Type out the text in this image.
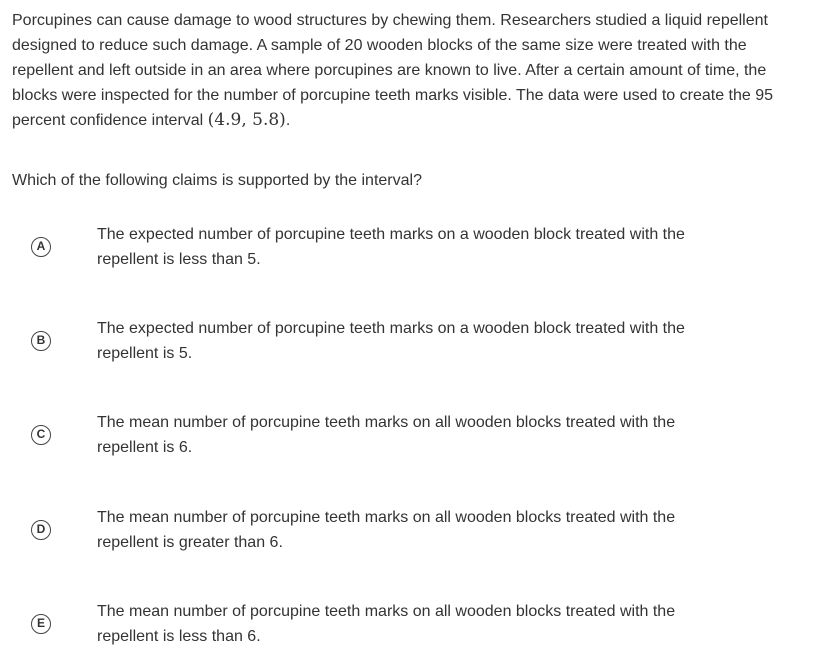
Porcupines can cause damage to wood structures by chewing them. Researchers studied a liquid repellent designed to reduce such damage. A sample of 20 wooden blocks of the same size were treated with the repellent and left outside in an area where porcupines are known to live. After a certain amount of time, the blocks were inspected for the number of porcupine teeth marks visible. The data were used to create the 95 percent confidence interval (4.9, 5.8).

Which of the following claims is supported by the interval?

A
The expected number of porcupine teeth marks on a wooden block treated with the repellent is less than 5.
B
The expected number of porcupine teeth marks on a wooden block treated with the repellent is 5.
C
The mean number of porcupine teeth marks on all wooden blocks treated with the repellent is 6.
D
The mean number of porcupine teeth marks on all wooden blocks treated with the repellent is greater than 6.
E
The mean number of porcupine teeth marks on all wooden blocks treated with the repellent is less than 6.
